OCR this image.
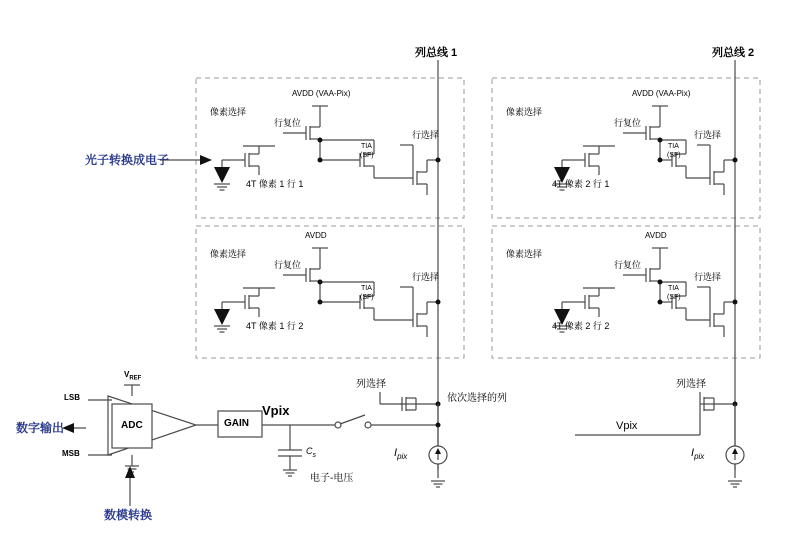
列总线 1	列总线 2
光子转换成电子
像素选择
行复位
AVDD (VAA-Pix)
行选择
TIA
(SF)
4T 像素 1 行 1
像素选择
行复位
AVDD (VAA-Pix)
行选择
TIA
(SF)
4T 像素 2 行 1
像素选择
行复位
AVDD
行选择
TIA
(SF)
4T 像素 1 行 2
像素选择
行复位
AVDD
行选择
TIA
(SF)
4T 像素 2 行 2
列选择	列选择
依次选择的列
电子-电压
Vpix
Vpix
GAIN
ADC
$V_{REF}$
LSB
MSB
数字输出
数模转换
$C_s$	$I_{pix}$	$I_{pix}$
